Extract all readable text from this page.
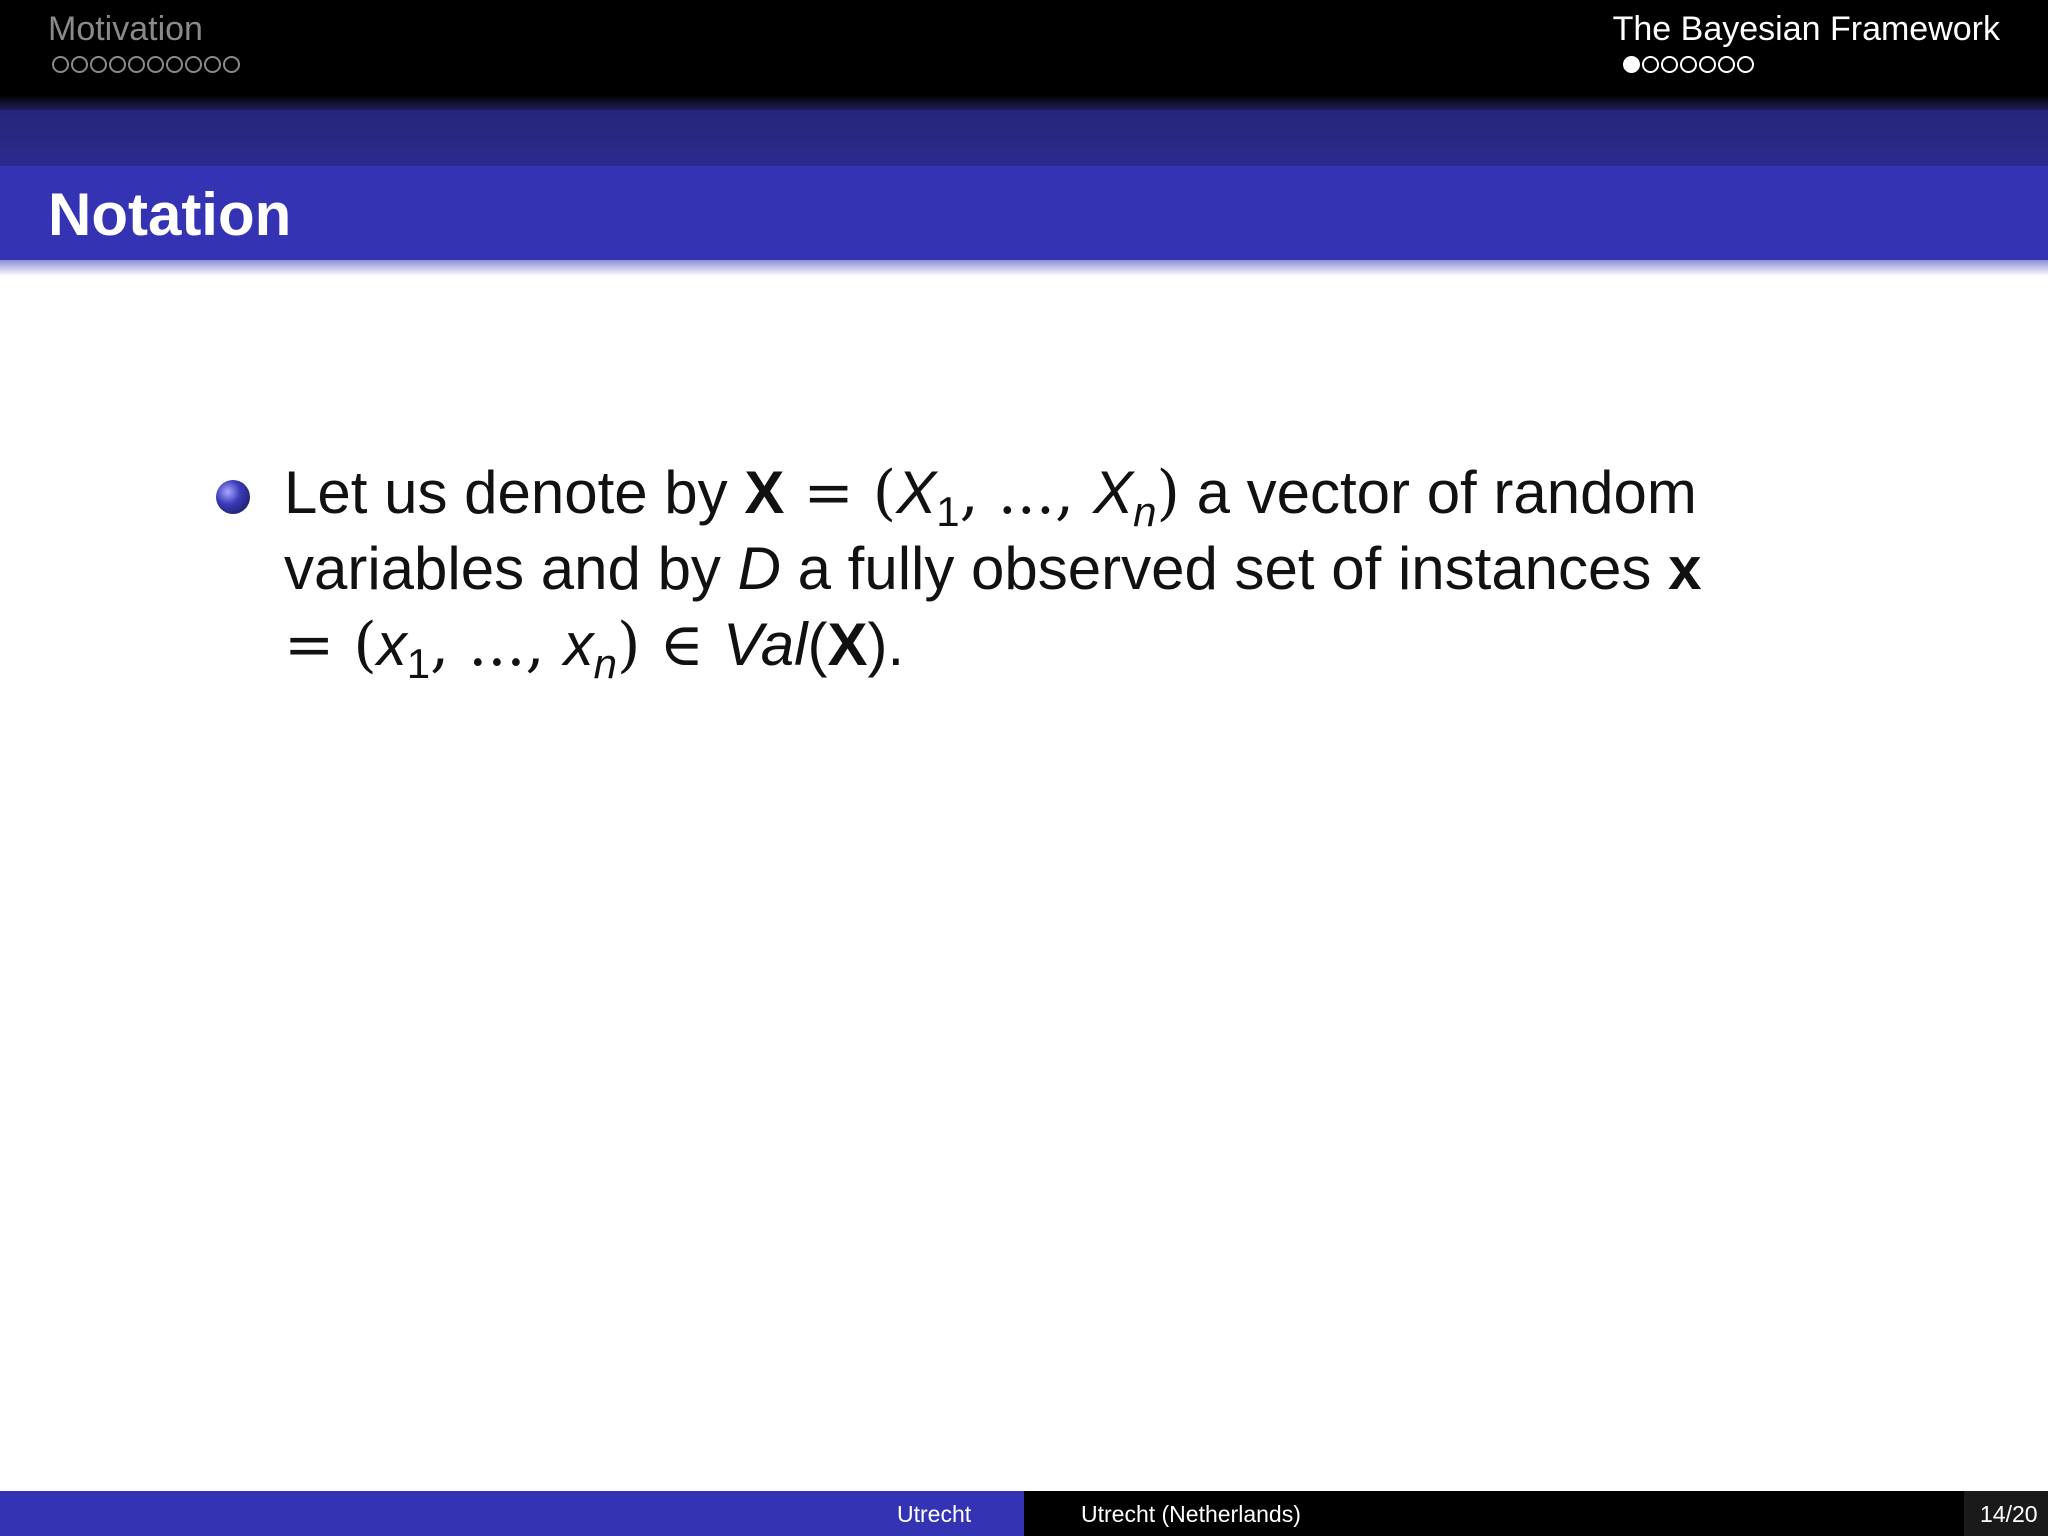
Motivation	The Bayesian Framework
Notation
Let us denote by $X = (X_1$, ..., $X_n$) a vector of random variables and by D a fully observed set of instances $x = (x_1$, ..., $x_n$) ∈ Val(X).
Utrecht	Utrecht (Netherlands)	14/20
